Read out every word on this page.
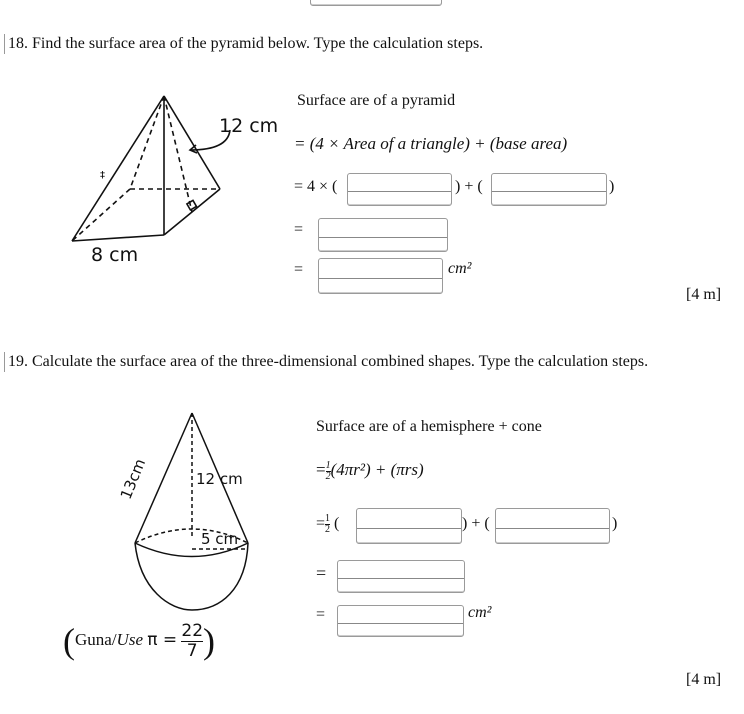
18. Find the surface area of the pyramid below. Type the calculation steps.
‡
12 cm
8 cm
Surface are of a pyramid
= (4 × Area of a triangle) + (base area)
= 4 × (	) + (	)
=
=	cm²
[4 m]
19. Calculate the surface area of the three-dimensional combined shapes. Type the calculation steps.
13cm	12 cm
5 cm
(Guna/Use $\pi = \frac{22}{7}$ )
Surface are of a hemisphere + cone
= $\frac{1}{2} (4\pi r^2) + (\pi rs)$
= $\frac{1}{2}$ (	) + (	)
=
=	cm²
[4 m]
